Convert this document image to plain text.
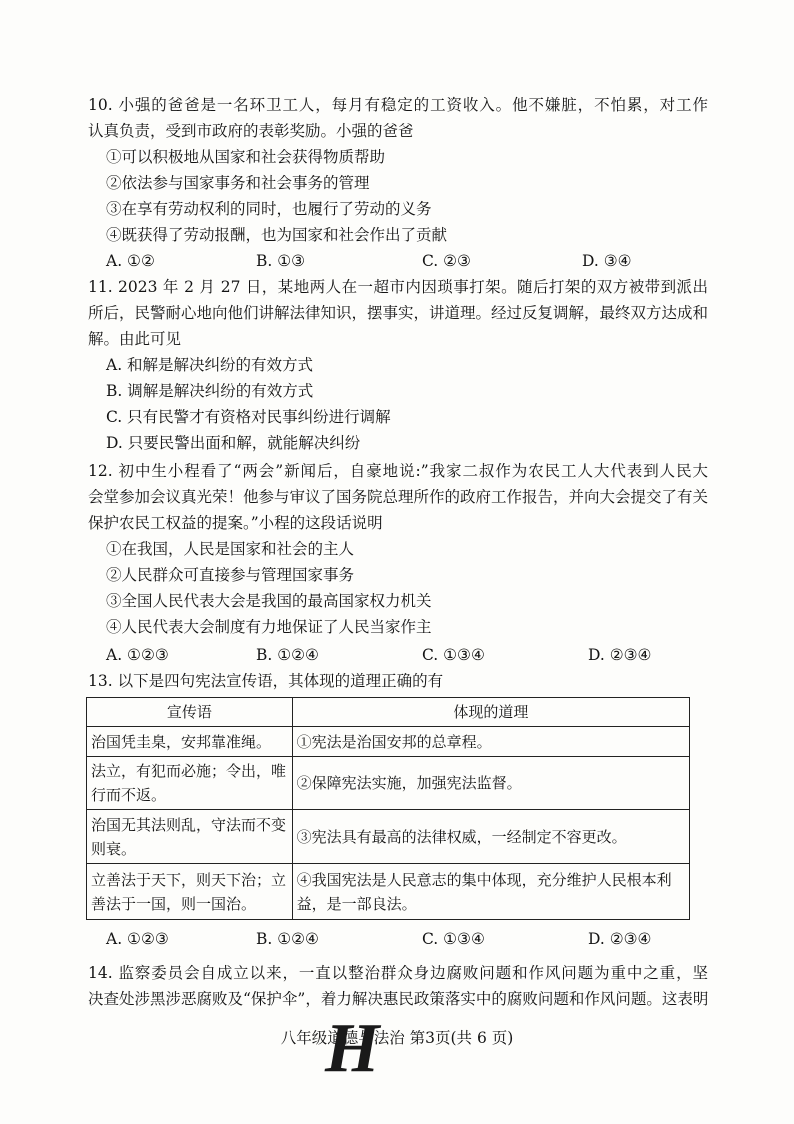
10. 小强的爸爸是一名环卫工人，每月有稳定的工资收入。他不嫌脏，不怕累，对工作
认真负责，受到市政府的表彰奖励。小强的爸爸
①可以积极地从国家和社会获得物质帮助
②依法参与国家事务和社会事务的管理
③在享有劳动权利的同时，也履行了劳动的义务
④既获得了劳动报酬，也为国家和社会作出了贡献
A. ①②	B. ①③	C. ②③	D. ③④
11. 2023 年 2 月 27 日，某地两人在一超市内因琐事打架。随后打架的双方被带到派出
所后，民警耐心地向他们讲解法律知识，摆事实，讲道理。经过反复调解，最终双方达成和
解。由此可见
A. 和解是解决纠纷的有效方式
B. 调解是解决纠纷的有效方式
C. 只有民警才有资格对民事纠纷进行调解
D. 只要民警出面和解，就能解决纠纷
12. 初中生小程看了“两会”新闻后，自豪地说:”我家二叔作为农民工人大代表到人民大
会堂参加会议真光荣！他参与审议了国务院总理所作的政府工作报告，并向大会提交了有关
保护农民工权益的提案。”小程的这段话说明
①在我国，人民是国家和社会的主人
②人民群众可直接参与管理国家事务
③全国人民代表大会是我国的最高国家权力机关
④人民代表大会制度有力地保证了人民当家作主
A. ①②③	B. ①②④	C. ①③④	D. ②③④
13. 以下是四句宪法宣传语，其体现的道理正确的有
宣传语	体现的道理
治国凭圭臬，安邦靠准绳。	①宪法是治国安邦的总章程。
法立，有犯而必施；令出，唯行而不返。	②保障宪法实施，加强宪法监督。
治国无其法则乱，守法而不变则衰。	③宪法具有最高的法律权威，一经制定不容更改。
立善法于天下，则天下治；立善法于一国，则一国治。	④我国宪法是人民意志的集中体现，充分维护人民根本利益，是一部良法。
A. ①②③	B. ①②④	C. ①③④	D. ②③④
14. 监察委员会自成立以来，一直以整治群众身边腐败问题和作风问题为重中之重，坚
决查处涉黑涉恶腐败及“保护伞”，着力解决惠民政策落实中的腐败问题和作风问题。这表明
八年级道德与法治 第3页(共 6 页)
H
